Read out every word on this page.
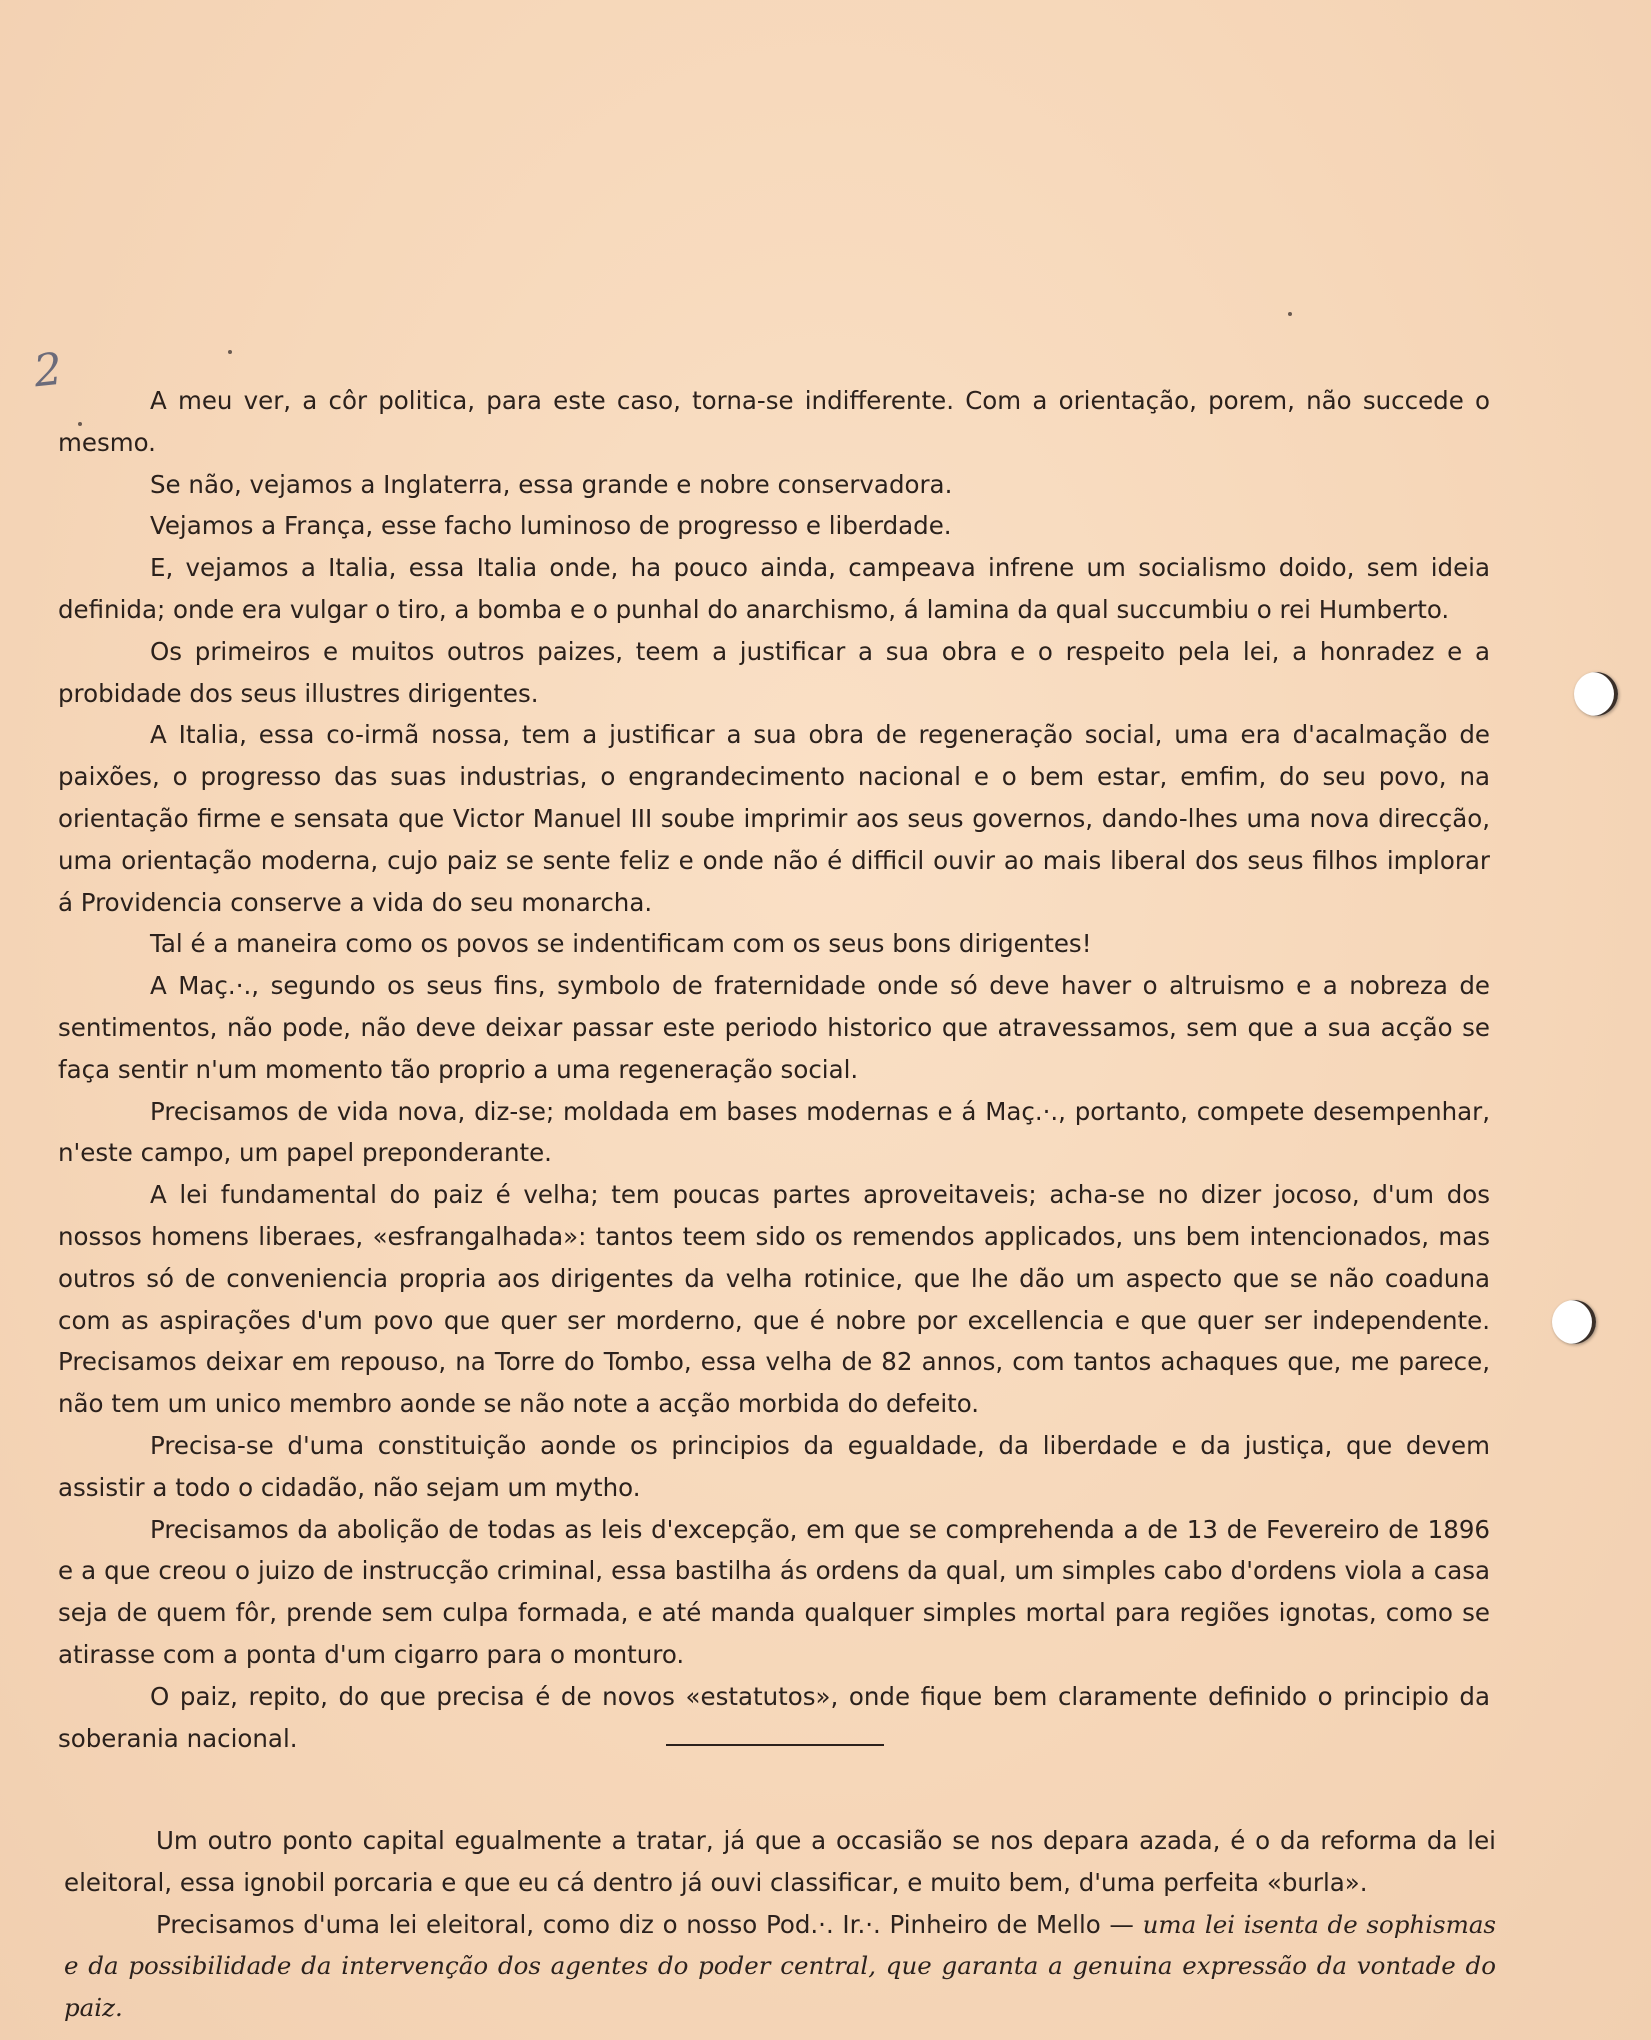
2

A meu ver, a côr politica, para este caso, torna-se indifferente. Com a orientação, porem, não succede o mesmo.

Se não, vejamos a Inglaterra, essa grande e nobre conservadora.

Vejamos a França, esse facho luminoso de progresso e liberdade.

E, vejamos a Italia, essa Italia onde, ha pouco ainda, campeava infrene um socialismo doido, sem ideia definida; onde era vulgar o tiro, a bomba e o punhal do anarchismo, á lamina da qual succumbiu o rei Humberto.

Os primeiros e muitos outros paizes, teem a justificar a sua obra e o respeito pela lei, a honradez e a probidade dos seus illustres dirigentes.

A Italia, essa co-irmã nossa, tem a justificar a sua obra de regeneração social, uma era d'acalmação de paixões, o progresso das suas industrias, o engrandecimento nacional e o bem estar, emfim, do seu povo, na orientação firme e sensata que Victor Manuel III soube imprimir aos seus governos, dando-lhes uma nova direcção, uma orientação moderna, cujo paiz se sente feliz e onde não é difficil ouvir ao mais liberal dos seus filhos implorar á Providencia conserve a vida do seu monarcha.

Tal é a maneira como os povos se indentificam com os seus bons dirigentes!

A Maç.·., segundo os seus fins, symbolo de fraternidade onde só deve haver o altruismo e a nobreza de sentimentos, não pode, não deve deixar passar este periodo historico que atravessamos, sem que a sua acção se faça sentir n'um momento tão proprio a uma regeneração social.

Precisamos de vida nova, diz-se; moldada em bases modernas e á Maç.·., portanto, compete desempenhar, n'este campo, um papel preponderante.

A lei fundamental do paiz é velha; tem poucas partes aproveitaveis; acha-se no dizer jocoso, d'um dos nossos homens liberaes, «esfrangalhada»: tantos teem sido os remendos applicados, uns bem intencionados, mas outros só de conveniencia propria aos dirigentes da velha rotinice, que lhe dão um aspecto que se não coaduna com as aspirações d'um povo que quer ser morderno, que é nobre por excellencia e que quer ser independente. Precisamos deixar em repouso, na Torre do Tombo, essa velha de 82 annos, com tantos achaques que, me parece, não tem um unico membro aonde se não note a acção morbida do defeito.

Precisa-se d'uma constituição aonde os principios da egualdade, da liberdade e da justiça, que devem assistir a todo o cidadão, não sejam um mytho.

Precisamos da abolição de todas as leis d'excepção, em que se comprehenda a de 13 de Fevereiro de 1896 e a que creou o juizo de instrucção criminal, essa bastilha ás ordens da qual, um simples cabo d'ordens viola a casa seja de quem fôr, prende sem culpa formada, e até manda qualquer simples mortal para regiões ignotas, como se atirasse com a ponta d'um cigarro para o monturo.

O paiz, repito, do que precisa é de novos «estatutos», onde fique bem claramente definido o principio da soberania nacional.

Um outro ponto capital egualmente a tratar, já que a occasião se nos depara azada, é o da reforma da lei eleitoral, essa ignobil porcaria e que eu cá dentro já ouvi classificar, e muito bem, d'uma perfeita «burla».

Precisamos d'uma lei eleitoral, como diz o nosso Pod.·. Ir.·. Pinheiro de Mello — uma lei isenta de sophismas e da possibilidade da intervenção dos agentes do poder central, que garanta a genuina expressão da vontade do paiz.
